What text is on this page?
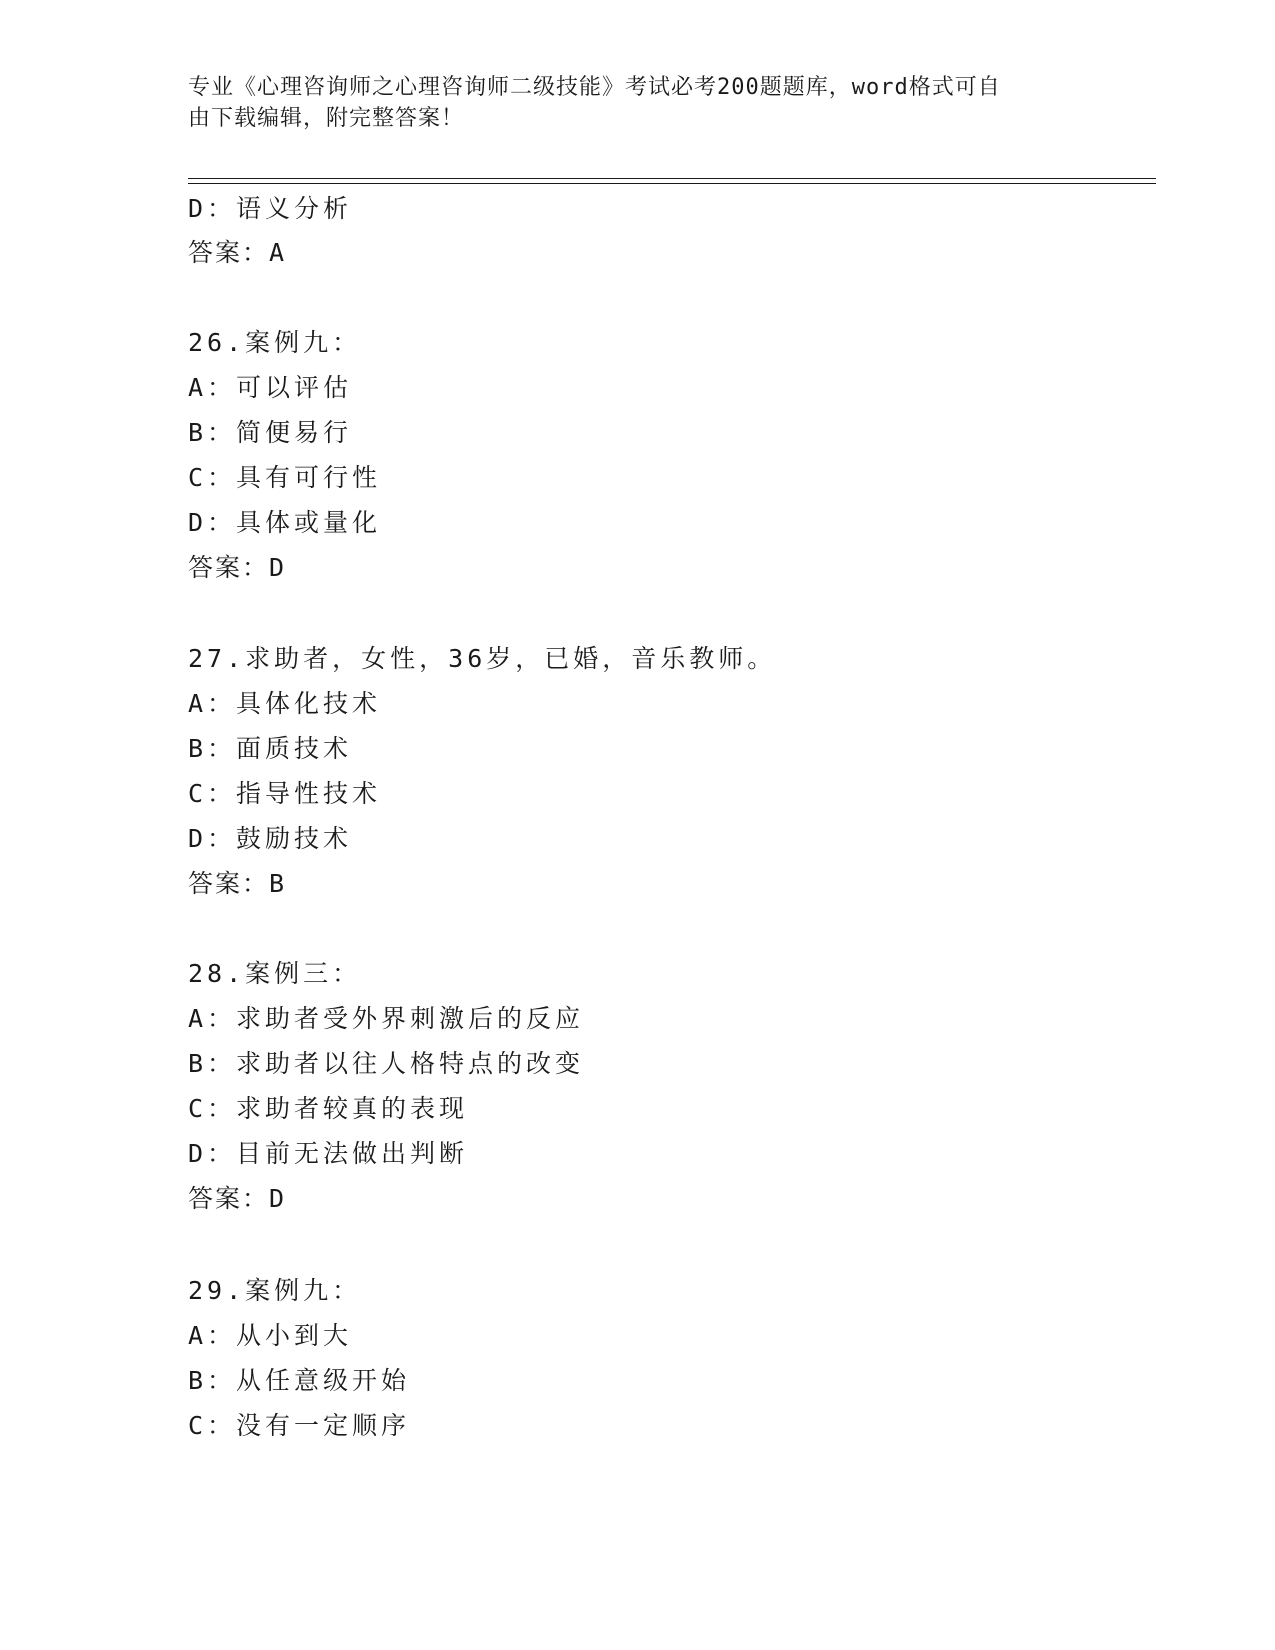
专业《心理咨询师之心理咨询师二级技能》考试必考200题题库，word格式可自
由下载编辑，附完整答案！
D：语义分析
答案：A
26.案例九：
A：可以评估
B：简便易行
C：具有可行性
D：具体或量化
答案：D
27.求助者，女性，36岁，已婚，音乐教师。
A：具体化技术
B：面质技术
C：指导性技术
D：鼓励技术
答案：B
28.案例三：
A：求助者受外界刺激后的反应
B：求助者以往人格特点的改变
C：求助者较真的表现
D：目前无法做出判断
答案：D
29.案例九：
A：从小到大
B：从任意级开始
C：没有一定顺序
